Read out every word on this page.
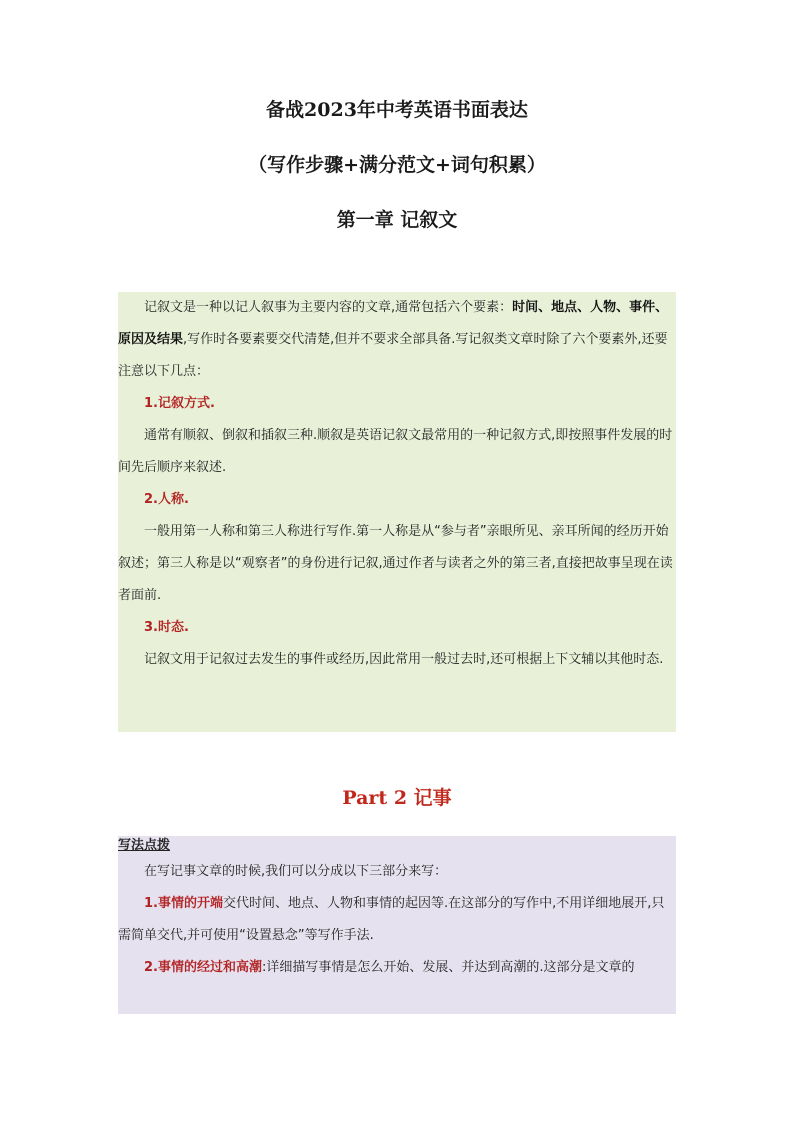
备战2023年中考英语书面表达
（写作步骤+满分范文+词句积累）
第一章 记叙文

记叙文是一种以记人叙事为主要内容的文章,通常包括六个要素：时间、地点、人物、事件、原因及结果,写作时各要素要交代清楚,但并不要求全部具备.写记叙类文章时除了六个要素外,还要注意以下几点：

1.记叙方式.

通常有顺叙、倒叙和插叙三种.顺叙是英语记叙文最常用的一种记叙方式,即按照事件发展的时间先后顺序来叙述.

2.人称.

一般用第一人称和第三人称进行写作.第一人称是从“参与者”亲眼所见、亲耳所闻的经历开始叙述；第三人称是以“观察者”的身份进行记叙,通过作者与读者之外的第三者,直接把故事呈现在读者面前.

3.时态.

记叙文用于记叙过去发生的事件或经历,因此常用一般过去时,还可根据上下文辅以其他时态.

Part 2 记事

写法点拨

在写记事文章的时候,我们可以分成以下三部分来写：

1.事情的开端交代时间、地点、人物和事情的起因等.在这部分的写作中,不用详细地展开,只需简单交代,并可使用“设置悬念”等写作手法.

2.事情的经过和高潮:详细描写事情是怎么开始、发展、并达到高潮的.这部分是文章的
